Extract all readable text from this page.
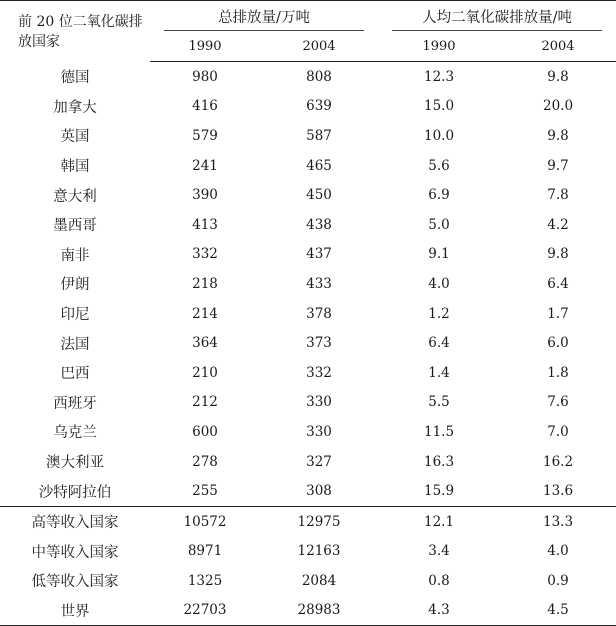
前 20 位二氧化碳排放国家	总排放量/万吨		人均二氧化碳排放量/吨	

	1990	2004	1990	2004
德国	980	808	12.3	9.8
加拿大	416	639	15.0	20.0
英国	579	587	10.0	9.8
韩国	241	465	5.6	9.7
意大利	390	450	6.9	7.8
墨西哥	413	438	5.0	4.2
南非	332	437	9.1	9.8
伊朗	218	433	4.0	6.4
印尼	214	378	1.2	1.7
法国	364	373	6.4	6.0
巴西	210	332	1.4	1.8
西班牙	212	330	5.5	7.6
乌克兰	600	330	11.5	7.0
澳大利亚	278	327	16.3	16.2
沙特阿拉伯	255	308	15.9	13.6
高等收入国家	10572	12975	12.1	13.3
中等收入国家	8971	12163	3.4	4.0
低等收入国家	1325	2084	0.8	0.9
世界	22703	28983	4.3	4.5
